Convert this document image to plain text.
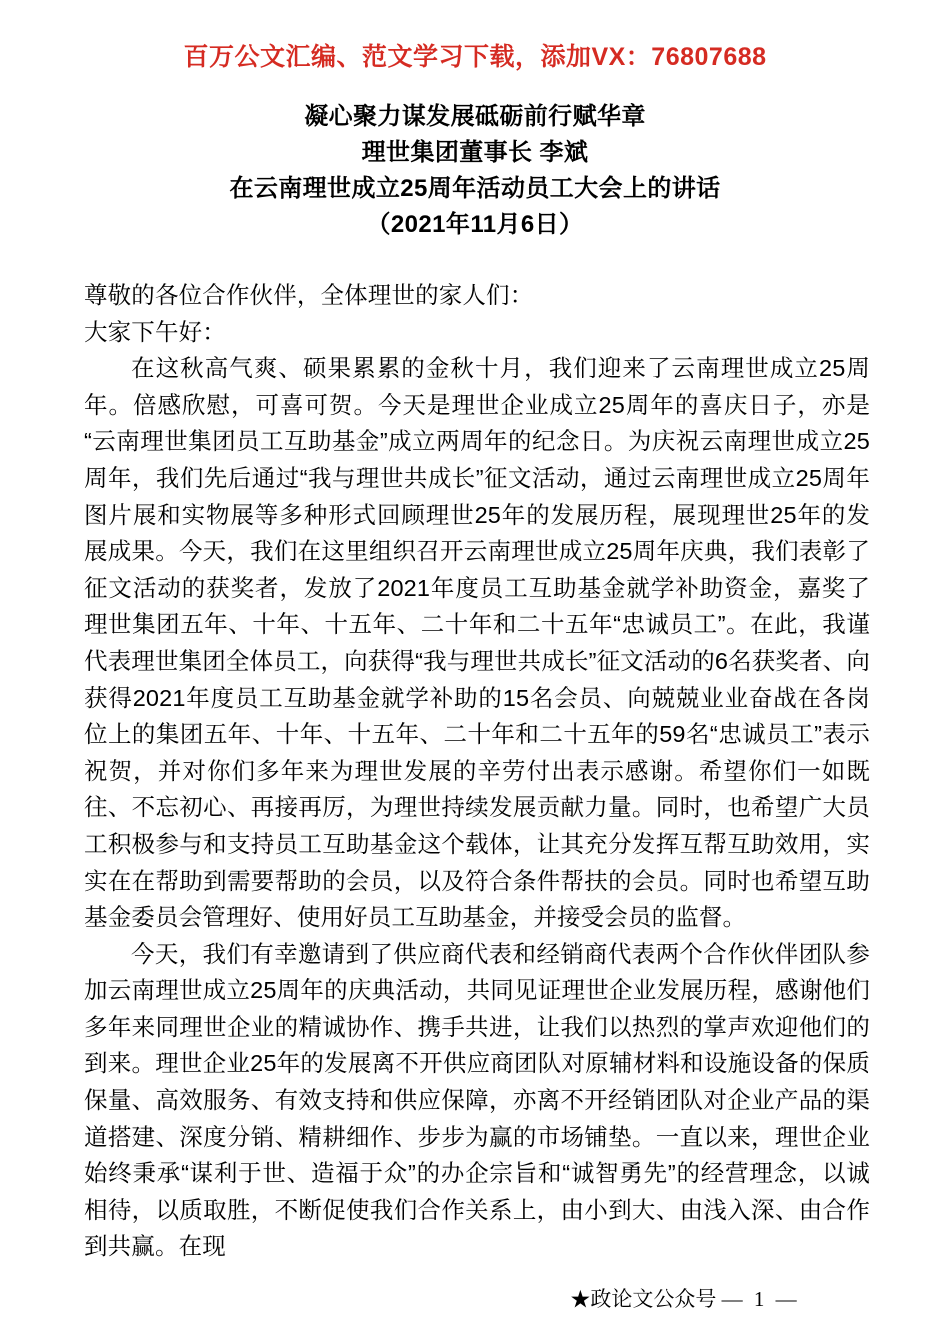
百万公文汇编、范文学习下载，添加VX：76807688
凝心聚力谋发展砥砺前行赋华章
理世集团董事长 李斌
在云南理世成立25周年活动员工大会上的讲话
（2021年11月6日）

尊敬的各位合作伙伴，全体理世的家人们：

大家下午好：

在这秋高气爽、硕果累累的金秋十月，我们迎来了云南理世成立25周年。倍感欣慰，可喜可贺。今天是理世企业成立25周年的喜庆日子，亦是“云南理世集团员工互助基金”成立两周年的纪念日。为庆祝云南理世成立25周年，我们先后通过“我与理世共成长”征文活动，通过云南理世成立25周年图片展和实物展等多种形式回顾理世25年的发展历程，展现理世25年的发展成果。今天，我们在这里组织召开云南理世成立25周年庆典，我们表彰了征文活动的获奖者，发放了2021年度员工互助基金就学补助资金，嘉奖了理世集团五年、十年、十五年、二十年和二十五年“忠诚员工”。在此，我谨代表理世集团全体员工，向获得“我与理世共成长”征文活动的6名获奖者、向获得2021年度员工互助基金就学补助的15名会员、向兢兢业业奋战在各岗位上的集团五年、十年、十五年、二十年和二十五年的59名“忠诚员工”表示祝贺，并对你们多年来为理世发展的辛劳付出表示感谢。希望你们一如既往、不忘初心、再接再厉，为理世持续发展贡献力量。同时，也希望广大员工积极参与和支持员工互助基金这个载体，让其充分发挥互帮互助效用，实实在在帮助到需要帮助的会员，以及符合条件帮扶的会员。同时也希望互助基金委员会管理好、使用好员工互助基金，并接受会员的监督。

今天，我们有幸邀请到了供应商代表和经销商代表两个合作伙伴团队参加云南理世成立25周年的庆典活动，共同见证理世企业发展历程，感谢他们多年来同理世企业的精诚协作、携手共进，让我们以热烈的掌声欢迎他们的到来。理世企业25年的发展离不开供应商团队对原辅材料和设施设备的保质保量、高效服务、有效支持和供应保障，亦离不开经销团队对企业产品的渠道搭建、深度分销、精耕细作、步步为赢的市场铺垫。一直以来，理世企业始终秉承“谋利于世、造福于众”的办企宗旨和“诚智勇先”的经营理念，以诚相待，以质取胜，不断促使我们合作关系上，由小到大、由浅入深、由合作到共赢。在现

★政论文公众号 — 1 —
